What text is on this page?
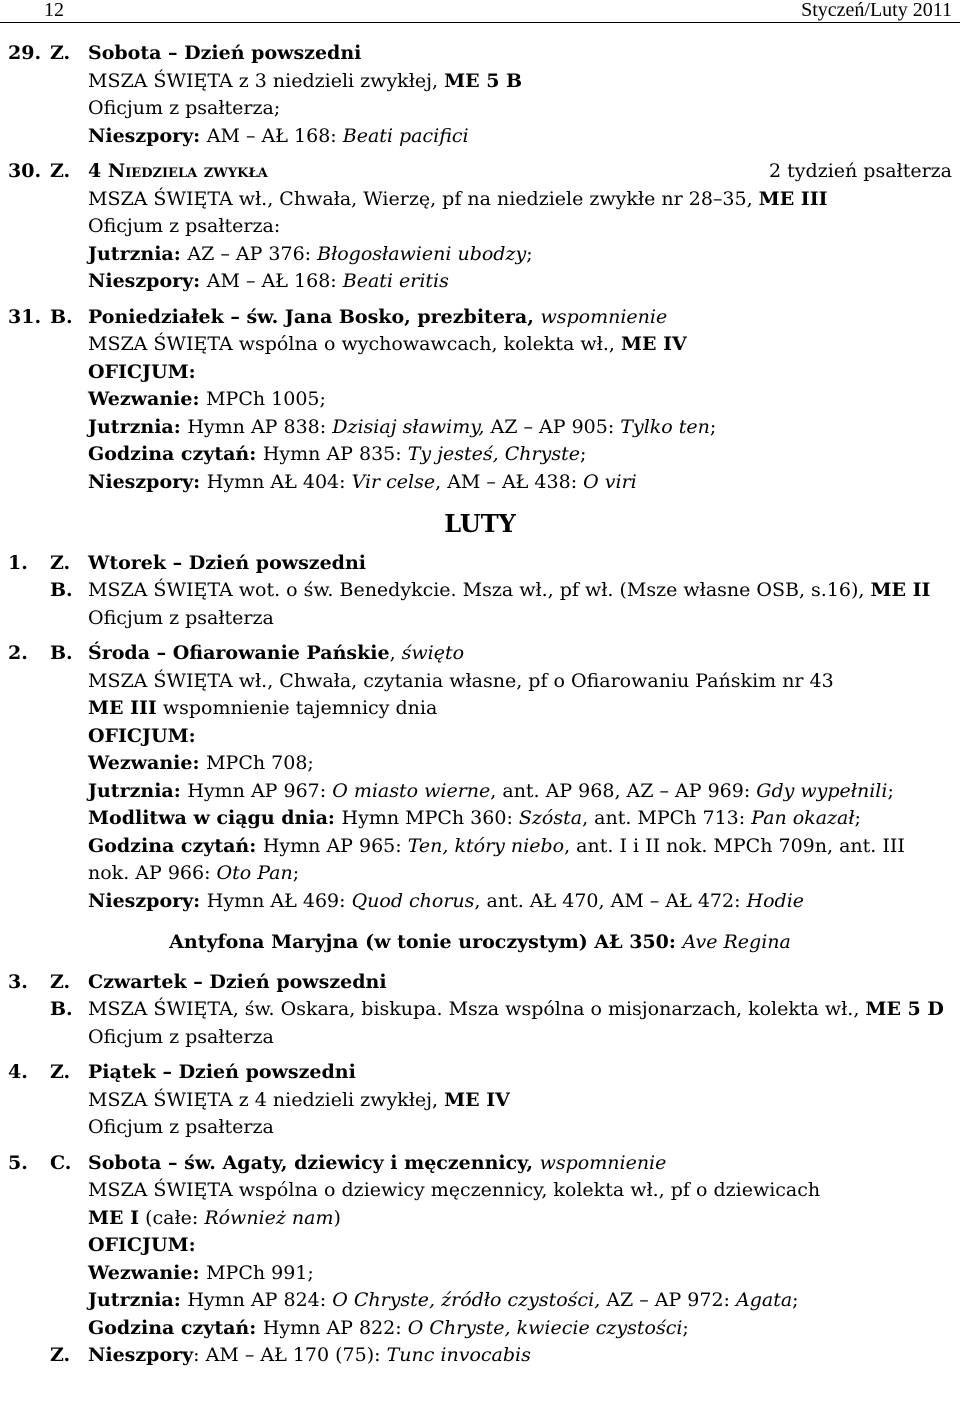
12	Styczeń/Luty 2011
29. Z. Sobota – Dzień powszedni
MSZA ŚWIĘTA z 3 niedzieli zwykłej, ME 5 B
Oficjum z psałterza;
Nieszpory: AM – AŁ 168: Beati pacifici
30. Z. 4 Niedziela zwykła	2 tydzień psałterza
MSZA ŚWIĘTA wł., Chwała, Wierzę, pf na niedziele zwykłe nr 28–35, ME III
Oficjum z psałterza:
Jutrznia: AZ – AP 376: Błogosławieni ubodzy;
Nieszpory: AM – AŁ 168: Beati eritis
31. B. Poniedziałek – św. Jana Bosko, prezbitera, wspomnienie
MSZA ŚWIĘTA wspólna o wychowawcach, kolekta wł., ME IV
OFICJUM:
Wezwanie: MPCh 1005;
Jutrznia: Hymn AP 838: Dzisiaj sławimy, AZ – AP 905: Tylko ten;
Godzina czytań: Hymn AP 835: Ty jesteś, Chryste;
Nieszpory: Hymn AŁ 404: Vir celse, AM – AŁ 438: O viri
LUTY
1.	Z. Wtorek – Dzień powszedni
B. MSZA ŚWIĘTA wot. o św. Benedykcie. Msza wł., pf wł. (Msze własne OSB, s.16), ME II
Oficjum z psałterza
2.	B. Środa – Ofiarowanie Pańskie, święto
MSZA ŚWIĘTA wł., Chwała, czytania własne, pf o Ofiarowaniu Pańskim nr 43
ME III wspomnienie tajemnicy dnia
OFICJUM:
Wezwanie: MPCh 708;
Jutrznia: Hymn AP 967: O miasto wierne, ant. AP 968, AZ – AP 969: Gdy wypełnili;
Modlitwa w ciągu dnia: Hymn MPCh 360: Szósta, ant. MPCh 713: Pan okazał;
Godzina czytań: Hymn AP 965: Ten, który niebo, ant. I i II nok. MPCh 709n, ant. III
nok. AP 966: Oto Pan;
Nieszpory: Hymn AŁ 469: Quod chorus, ant. AŁ 470, AM – AŁ 472: Hodie
Antyfona Maryjna (w tonie uroczystym) AŁ 350: Ave Regina
3.	Z. Czwartek – Dzień powszedni
B. MSZA ŚWIĘTA, św. Oskara, biskupa. Msza wspólna o misjonarzach, kolekta wł., ME 5 D
Oficjum z psałterza
4.	Z. Piątek – Dzień powszedni
MSZA ŚWIĘTA z 4 niedzieli zwykłej, ME IV
Oficjum z psałterza
5.	C. Sobota – św. Agaty, dziewicy i męczennicy, wspomnienie
MSZA ŚWIĘTA wspólna o dziewicy męczennicy, kolekta wł., pf o dziewicach
ME I (całe: Również nam)
OFICJUM:
Wezwanie: MPCh 991;
Jutrznia: Hymn AP 824: O Chryste, źródło czystości, AZ – AP 972: Agata;
Godzina czytań: Hymn AP 822: O Chryste, kwiecie czystości;
Z. Nieszpory: AM – AŁ 170 (75): Tunc invocabis
